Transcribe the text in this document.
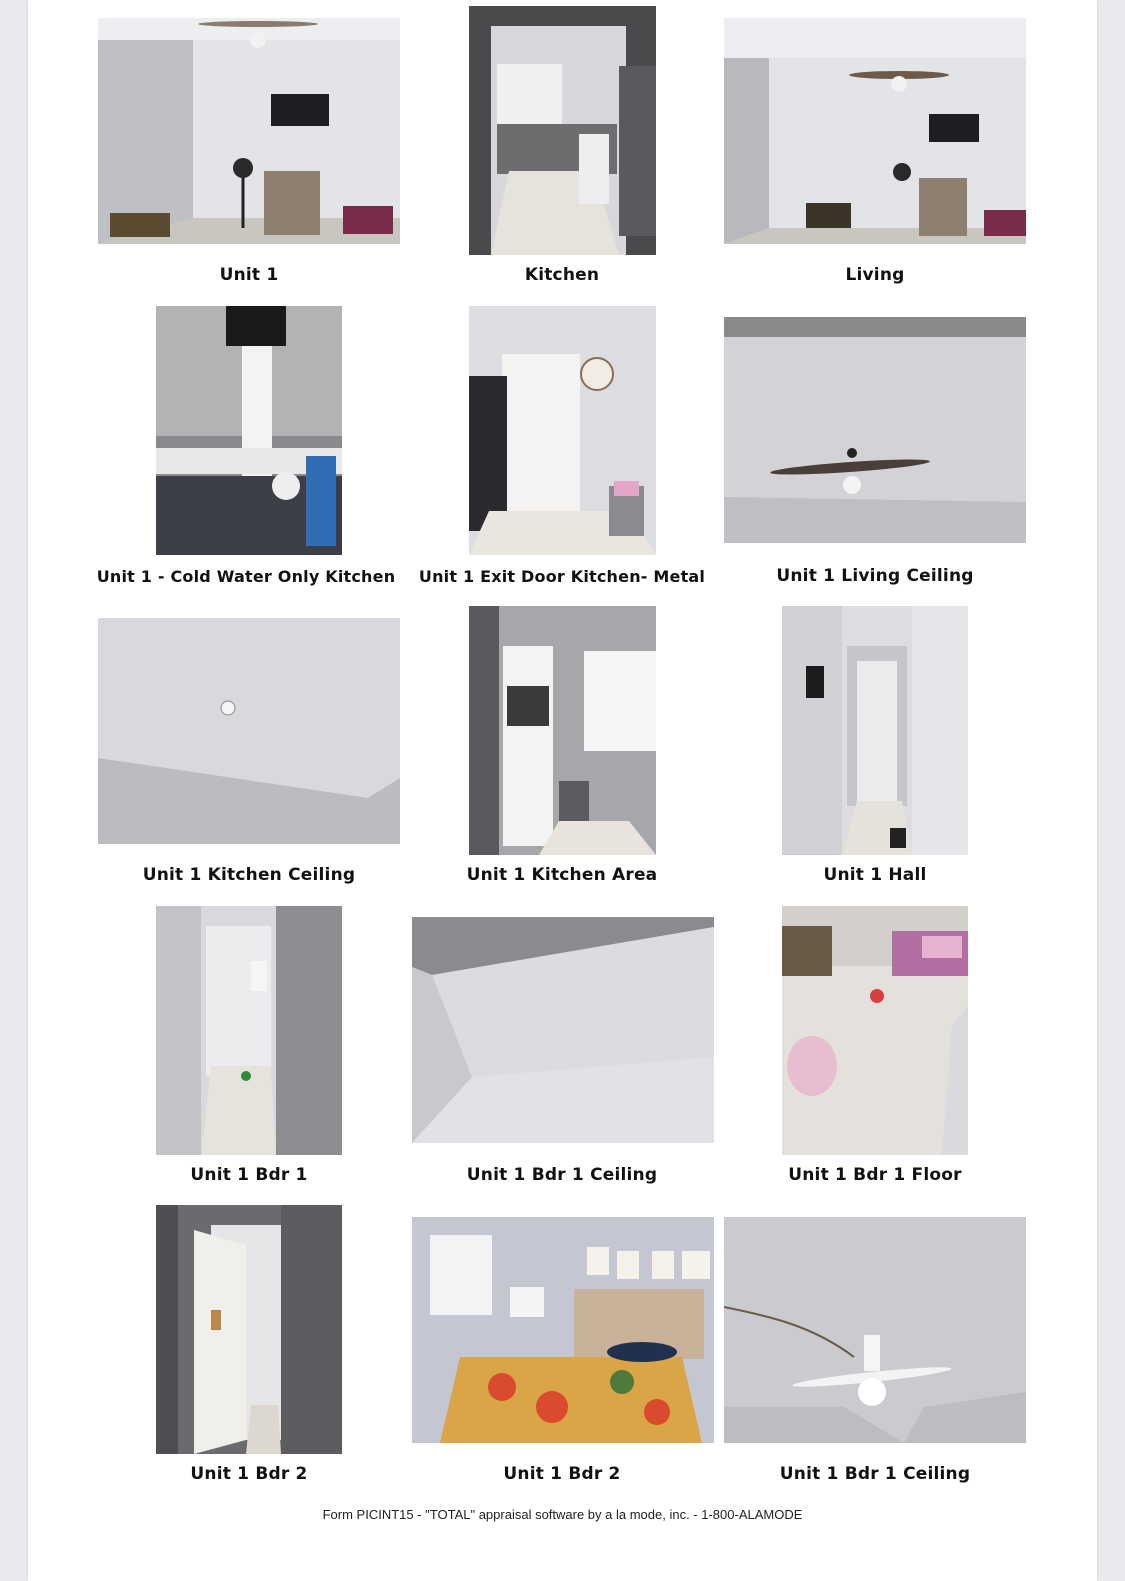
Unit 1	Kitchen	Living
Unit 1 - Cold Water Only Kitchen	Unit 1 Exit Door Kitchen- Metal	Unit 1 Living Ceiling
Unit 1 Kitchen Ceiling	Unit 1 Kitchen Area	Unit 1 Hall
Unit 1 Bdr 1	Unit 1 Bdr 1 Ceiling	Unit 1 Bdr 1 Floor
Unit 1 Bdr 2	Unit 1 Bdr 2	Unit 1 Bdr 1 Ceiling
Form PICINT15 - "TOTAL" appraisal software by a la mode, inc. - 1-800-ALAMODE
